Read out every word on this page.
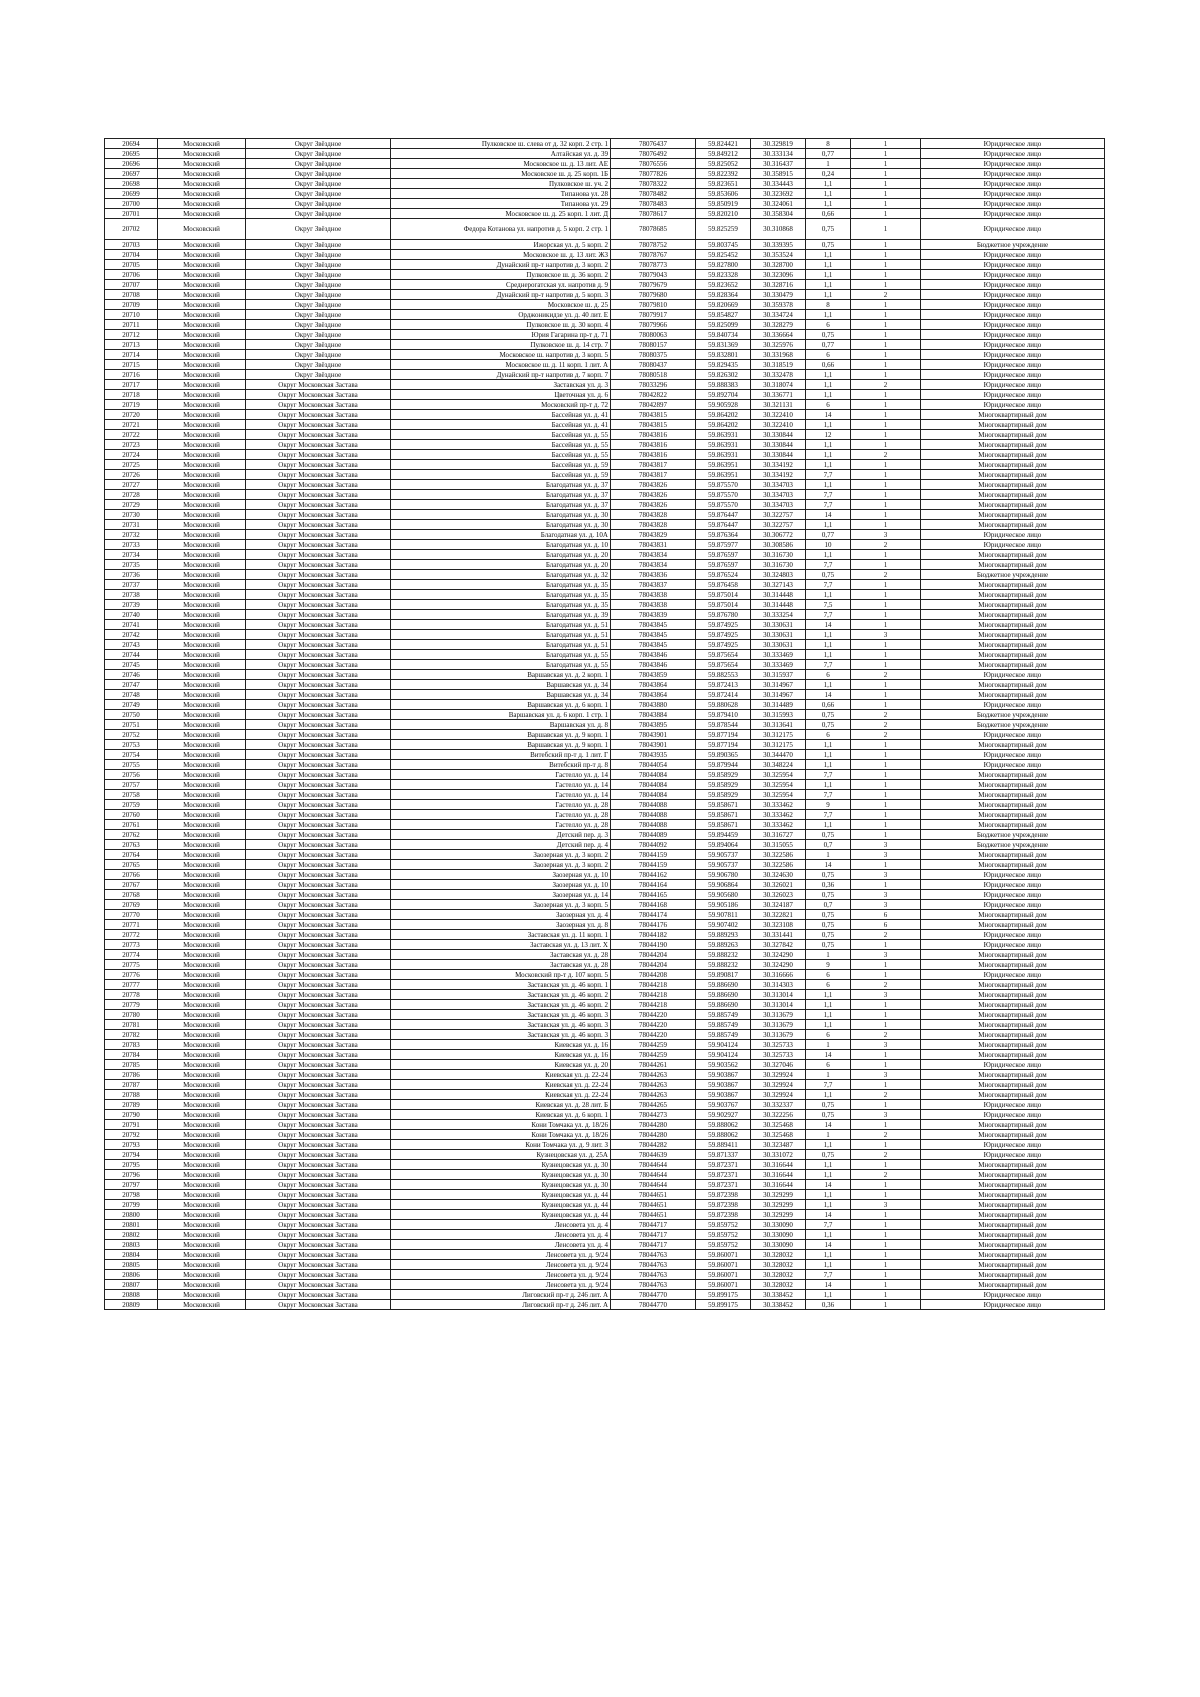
20694	Московский	Округ Звёздное	Пулковское ш. слева от д. 32 корп. 2 стр. 1	78076437	59.824421	30.329819	8	1	Юридическое лицо
20695	Московский	Округ Звёздное	Алтайская ул. д. 39	78076492	59.849212	30.333134	0,77	1	Юридическое лицо
20696	Московский	Округ Звёздное	Московское ш. д. 13 лит. АЕ	78076556	59.825052	30.316437	1	1	Юридическое лицо
20697	Московский	Округ Звёздное	Московское ш. д. 25 корп. 1Б	78077826	59.822392	30.358915	0,24	1	Юридическое лицо
20698	Московский	Округ Звёздное	Пулковское ш. уч. 2	78078322	59.823651	30.334443	1,1	1	Юридическое лицо
20699	Московский	Округ Звёздное	Типанова ул. 28	78078482	59.853606	30.323692	1,1	1	Юридическое лицо
20700	Московский	Округ Звёздное	Типанова ул. 29	78078483	59.850919	30.324061	1,1	1	Юридическое лицо
20701	Московский	Округ Звёздное	Московское ш. д. 25 корп. 1 лит. Д	78078617	59.820210	30.358304	0,66	1	Юридическое лицо
20702	Московский	Округ Звёздное	Федора Котанова ул. напротив д. 5 корп. 2 стр. 1	78078685	59.825259	30.310868	0,75	1	Юридическое лицо
20703	Московский	Округ Звёздное	Ижорская ул. д. 5 корп. 2	78078752	59.803745	30.339395	0,75	1	Бюджетное учреждение
20704	Московский	Округ Звёздное	Московское ш. д. 13 лит. ЖЗ	78078767	59.825452	30.353524	1,1	1	Юридическое лицо
20705	Московский	Округ Звёздное	Дунайский пр-т напротив д. 3 корп. 2	78078773	59.827800	30.328700	1,1	1	Юридическое лицо
20706	Московский	Округ Звёздное	Пулковское ш. д. 36 корп. 2	78079043	59.823328	30.323096	1,1	1	Юридическое лицо
20707	Московский	Округ Звёздное	Среднерогатская ул. напротив д. 9	78079679	59.823652	30.328716	1,1	1	Юридическое лицо
20708	Московский	Округ Звёздное	Дунайский пр-т напротив д. 5 корп. 3	78079680	59.828364	30.330479	1,1	2	Юридическое лицо
20709	Московский	Округ Звёздное	Московское ш. д. 25	78079810	59.820669	30.359378	8	1	Юридическое лицо
20710	Московский	Округ Звёздное	Орджоникидзе ул. д. 40 лит. Е	78079917	59.854827	30.334724	1,1	1	Юридическое лицо
20711	Московский	Округ Звёздное	Пулковское ш. д. 30 корп. 4	78079966	59.825099	30.328279	6	1	Юридическое лицо
20712	Московский	Округ Звёздное	Юрия Гагарина пр-т д. 71	78080063	59.840734	30.336664	0,75	1	Юридическое лицо
20713	Московский	Округ Звёздное	Пулковское ш. д. 14 стр. 7	78080157	59.831369	30.325976	0,77	1	Юридическое лицо
20714	Московский	Округ Звёздное	Московское ш. напротив д. 3 корп. 5	78080375	59.832801	30.331968	6	1	Юридическое лицо
20715	Московский	Округ Звёздное	Московское ш. д. 11 корп. 1 лит. А	78080437	59.829435	30.318519	0,66	1	Юридическое лицо
20716	Московский	Округ Звёздное	Дунайский пр-т напротив д. 7 корп. 7	78080518	59.826302	30.332478	1,1	1	Юридическое лицо
20717	Московский	Округ Московская Застава	Заставская ул. д. 3	78033296	59.888383	30.318074	1,1	2	Юридическое лицо
20718	Московский	Округ Московская Застава	Цветочная ул. д. 6	78042822	59.892704	30.336771	1,1	1	Юридическое лицо
20719	Московский	Округ Московская Застава	Московский пр-т д. 72	78042897	59.905928	30.321131	6	1	Юридическое лицо
20720	Московский	Округ Московская Застава	Бассейная ул. д. 41	78043815	59.864202	30.322410	14	1	Многоквартирный дом
20721	Московский	Округ Московская Застава	Бассейная ул. д. 41	78043815	59.864202	30.322410	1,1	1	Многоквартирный дом
20722	Московский	Округ Московская Застава	Бассейная ул. д. 55	78043816	59.863931	30.330844	12	1	Многоквартирный дом
20723	Московский	Округ Московская Застава	Бассейная ул. д. 55	78043816	59.863931	30.330844	1,1	1	Многоквартирный дом
20724	Московский	Округ Московская Застава	Бассейная ул. д. 55	78043816	59.863931	30.330844	1,1	2	Многоквартирный дом
20725	Московский	Округ Московская Застава	Бассейная ул. д. 59	78043817	59.863951	30.334192	1,1	1	Многоквартирный дом
20726	Московский	Округ Московская Застава	Бассейная ул. д. 59	78043817	59.863951	30.334192	7,7	1	Многоквартирный дом
20727	Московский	Округ Московская Застава	Благодатная ул. д. 37	78043826	59.875570	30.334703	1,1	1	Многоквартирный дом
20728	Московский	Округ Московская Застава	Благодатная ул. д. 37	78043826	59.875570	30.334703	7,7	1	Многоквартирный дом
20729	Московский	Округ Московская Застава	Благодатная ул. д. 37	78043826	59.875570	30.334703	7,7	1	Многоквартирный дом
20730	Московский	Округ Московская Застава	Благодатная ул. д. 30	78043828	59.876447	30.322757	14	1	Многоквартирный дом
20731	Московский	Округ Московская Застава	Благодатная ул. д. 30	78043828	59.876447	30.322757	1,1	1	Многоквартирный дом
20732	Московский	Округ Московская Застава	Благодатная ул. д. 10А	78043829	59.876364	30.306772	0,77	3	Юридическое лицо
20733	Московский	Округ Московская Застава	Благодатная ул. д. 10	78043831	59.875977	30.308586	10	2	Юридическое лицо
20734	Московский	Округ Московская Застава	Благодатная ул. д. 20	78043834	59.876597	30.316730	1,1	1	Многоквартирный дом
20735	Московский	Округ Московская Застава	Благодатная ул. д. 20	78043834	59.876597	30.316730	7,7	1	Многоквартирный дом
20736	Московский	Округ Московская Застава	Благодатная ул. д. 32	78043836	59.876524	30.324803	0,75	2	Бюджетное учреждение
20737	Московский	Округ Московская Застава	Благодатная ул. д. 35	78043837	59.876458	30.327143	7,7	1	Многоквартирный дом
20738	Московский	Округ Московская Застава	Благодатная ул. д. 35	78043838	59.875014	30.314448	1,1	1	Многоквартирный дом
20739	Московский	Округ Московская Застава	Благодатная ул. д. 35	78043838	59.875014	30.314448	7,5	1	Многоквартирный дом
20740	Московский	Округ Московская Застава	Благодатная ул. д. 39	78043839	59.876780	30.333254	7,7	1	Многоквартирный дом
20741	Московский	Округ Московская Застава	Благодатная ул. д. 51	78043845	59.874925	30.330631	14	1	Многоквартирный дом
20742	Московский	Округ Московская Застава	Благодатная ул. д. 51	78043845	59.874925	30.330631	1,1	3	Многоквартирный дом
20743	Московский	Округ Московская Застава	Благодатная ул. д. 51	78043845	59.874925	30.330631	1,1	1	Многоквартирный дом
20744	Московский	Округ Московская Застава	Благодатная ул. д. 55	78043846	59.875654	30.333469	1,1	1	Многоквартирный дом
20745	Московский	Округ Московская Застава	Благодатная ул. д. 55	78043846	59.875654	30.333469	7,7	1	Многоквартирный дом
20746	Московский	Округ Московская Застава	Варшавская ул. д. 2 корп. 1	78043859	59.882553	30.315937	6	2	Юридическое лицо
20747	Московский	Округ Московская Застава	Варшавская ул. д. 34	78043864	59.872413	30.314967	1,1	1	Многоквартирный дом
20748	Московский	Округ Московская Застава	Варшавская ул. д. 34	78043864	59.872414	30.314967	14	1	Многоквартирный дом
20749	Московский	Округ Московская Застава	Варшавская ул. д. 6 корп. 1	78043880	59.880628	30.314489	0,66	1	Юридическое лицо
20750	Московский	Округ Московская Застава	Варшавская ул. д. 6 корп. 1 стр. 1	78043884	59.879410	30.315993	0,75	2	Бюджетное учреждение
20751	Московский	Округ Московская Застава	Варшавская ул. д. 8	78043895	59.878544	30.313641	0,75	2	Бюджетное учреждение
20752	Московский	Округ Московская Застава	Варшавская ул. д. 9 корп. 1	78043901	59.877194	30.312175	6	2	Юридическое лицо
20753	Московский	Округ Московская Застава	Варшавская ул. д. 9 корп. 1	78043901	59.877194	30.312175	1,1	1	Многоквартирный дом
20754	Московский	Округ Московская Застава	Витебский пр-т д. 1 лит. Г	78043935	59.890365	30.344470	1,1	1	Юридическое лицо
20755	Московский	Округ Московская Застава	Витебский пр-т д. 8	78044054	59.879944	30.348224	1,1	1	Юридическое лицо
20756	Московский	Округ Московская Застава	Гастелло ул. д. 14	78044084	59.858929	30.325954	7,7	1	Многоквартирный дом
20757	Московский	Округ Московская Застава	Гастелло ул. д. 14	78044084	59.858929	30.325954	1,1	1	Многоквартирный дом
20758	Московский	Округ Московская Застава	Гастелло ул. д. 14	78044084	59.858929	30.325954	7,7	1	Многоквартирный дом
20759	Московский	Округ Московская Застава	Гастелло ул. д. 28	78044088	59.858671	30.333462	9	1	Многоквартирный дом
20760	Московский	Округ Московская Застава	Гастелло ул. д. 28	78044088	59.858671	30.333462	7,7	1	Многоквартирный дом
20761	Московский	Округ Московская Застава	Гастелло ул. д. 28	78044088	59.858671	30.333462	1,1	1	Многоквартирный дом
20762	Московский	Округ Московская Застава	Детский пер. д. 3	78044089	59.894459	30.316727	0,75	1	Бюджетное учреждение
20763	Московский	Округ Московская Застава	Детский пер. д. 4	78044092	59.894064	30.315055	0,7	3	Бюджетное учреждение
20764	Московский	Округ Московская Застава	Заозерная ул. д. 3 корп. 2	78044159	59.905737	30.322586	1	3	Многоквартирный дом
20765	Московский	Округ Московская Застава	Заозерная ул. д. 3 корп. 2	78044159	59.905737	30.322586	14	1	Многоквартирный дом
20766	Московский	Округ Московская Застава	Заозерная ул. д. 10	78044162	59.906780	30.324630	0,75	3	Юридическое лицо
20767	Московский	Округ Московская Застава	Заозерная ул. д. 10	78044164	59.906864	30.326021	0,36	1	Юридическое лицо
20768	Московский	Округ Московская Застава	Заозерная ул. д. 14	78044165	59.905680	30.326023	0,75	3	Юридическое лицо
20769	Московский	Округ Московская Застава	Заозерная ул. д. 3 корп. 5	78044168	59.905186	30.324187	0,7	3	Юридическое лицо
20770	Московский	Округ Московская Застава	Заозерная ул. д. 4	78044174	59.907811	30.322821	0,75	6	Многоквартирный дом
20771	Московский	Округ Московская Застава	Заозерная ул. д. 8	78044176	59.907402	30.323108	0,75	6	Многоквартирный дом
20772	Московский	Округ Московская Застава	Заставская ул. д. 11 корп. 1	78044182	59.889293	30.331441	0,75	2	Юридическое лицо
20773	Московский	Округ Московская Застава	Заставская ул. д. 13 лит. Х	78044190	59.889263	30.327842	0,75	1	Юридическое лицо
20774	Московский	Округ Московская Застава	Заставская ул. д. 28	78044204	59.888232	30.324290	1	3	Многоквартирный дом
20775	Московский	Округ Московская Застава	Заставская ул. д. 28	78044204	59.888232	30.324290	9	1	Многоквартирный дом
20776	Московский	Округ Московская Застава	Московский пр-т д. 107 корп. 5	78044208	59.890817	30.316666	6	1	Юридическое лицо
20777	Московский	Округ Московская Застава	Заставская ул. д. 46 корп. 1	78044218	59.886690	30.314303	6	2	Многоквартирный дом
20778	Московский	Округ Московская Застава	Заставская ул. д. 46 корп. 2	78044218	59.886690	30.313014	1,1	3	Многоквартирный дом
20779	Московский	Округ Московская Застава	Заставская ул. д. 46 корп. 2	78044218	59.886690	30.313014	1,1	1	Многоквартирный дом
20780	Московский	Округ Московская Застава	Заставская ул. д. 46 корп. 3	78044220	59.885749	30.313679	1,1	1	Многоквартирный дом
20781	Московский	Округ Московская Застава	Заставская ул. д. 46 корп. 3	78044220	59.885749	30.313679	1,1	1	Многоквартирный дом
20782	Московский	Округ Московская Застава	Заставская ул. д. 46 корп. 3	78044220	59.885749	30.313679	6	2	Многоквартирный дом
20783	Московский	Округ Московская Застава	Киевская ул. д. 16	78044259	59.904124	30.325733	1	3	Многоквартирный дом
20784	Московский	Округ Московская Застава	Киевская ул. д. 16	78044259	59.904124	30.325733	14	1	Многоквартирный дом
20785	Московский	Округ Московская Застава	Киевская ул. д. 20	78044261	59.903562	30.327046	6	1	Юридическое лицо
20786	Московский	Округ Московская Застава	Киевская ул. д. 22-24	78044263	59.903867	30.329924	1	3	Многоквартирный дом
20787	Московский	Округ Московская Застава	Киевская ул. д. 22-24	78044263	59.903867	30.329924	7,7	1	Многоквартирный дом
20788	Московский	Округ Московская Застава	Киевская ул. д. 22-24	78044263	59.903867	30.329924	1,1	2	Многоквартирный дом
20789	Московский	Округ Московская Застава	Киевская ул. д. 28 лит. Б	78044265	59.903767	30.332337	0,75	1	Юридическое лицо
20790	Московский	Округ Московская Застава	Киевская ул. д. 6 корп. 1	78044273	59.902927	30.322256	0,75	3	Юридическое лицо
20791	Московский	Округ Московская Застава	Кони Томчака ул. д. 18/26	78044280	59.888062	30.325468	14	1	Многоквартирный дом
20792	Московский	Округ Московская Застава	Кони Томчака ул. д. 18/26	78044280	59.888062	30.325468	1	2	Многоквартирный дом
20793	Московский	Округ Московская Застава	Кони Томчака ул. д. 9 лит. З	78044282	59.889411	30.323487	1,1	1	Юридическое лицо
20794	Московский	Округ Московская Застава	Кузнецовская ул. д. 25А	78044639	59.871337	30.331072	0,75	2	Юридическое лицо
20795	Московский	Округ Московская Застава	Кузнецовская ул. д. 30	78044644	59.872371	30.316644	1,1	1	Многоквартирный дом
20796	Московский	Округ Московская Застава	Кузнецовская ул. д. 30	78044644	59.872371	30.316644	1,1	2	Многоквартирный дом
20797	Московский	Округ Московская Застава	Кузнецовская ул. д. 30	78044644	59.872371	30.316644	14	1	Многоквартирный дом
20798	Московский	Округ Московская Застава	Кузнецовская ул. д. 44	78044651	59.872398	30.329299	1,1	1	Многоквартирный дом
20799	Московский	Округ Московская Застава	Кузнецовская ул. д. 44	78044651	59.872398	30.329299	1,1	3	Многоквартирный дом
20800	Московский	Округ Московская Застава	Кузнецовская ул. д. 44	78044651	59.872398	30.329299	14	1	Многоквартирный дом
20801	Московский	Округ Московская Застава	Ленсовета ул. д. 4	78044717	59.859752	30.330090	7,7	1	Многоквартирный дом
20802	Московский	Округ Московская Застава	Ленсовета ул. д. 4	78044717	59.859752	30.330090	1,1	1	Многоквартирный дом
20803	Московский	Округ Московская Застава	Ленсовета ул. д. 4	78044717	59.859752	30.330090	14	1	Многоквартирный дом
20804	Московский	Округ Московская Застава	Ленсовета ул. д. 9/24	78044763	59.860071	30.328032	1,1	1	Многоквартирный дом
20805	Московский	Округ Московская Застава	Ленсовета ул. д. 9/24	78044763	59.860071	30.328032	1,1	1	Многоквартирный дом
20806	Московский	Округ Московская Застава	Ленсовета ул. д. 9/24	78044763	59.860071	30.328032	7,7	1	Многоквартирный дом
20807	Московский	Округ Московская Застава	Ленсовета ул. д. 9/24	78044763	59.860071	30.328032	14	1	Многоквартирный дом
20808	Московский	Округ Московская Застава	Лиговский пр-т д. 246 лит. А	78044770	59.899175	30.338452	1,1	1	Юридическое лицо
20809	Московский	Округ Московская Застава	Лиговский пр-т д. 246 лит. А	78044770	59.899175	30.338452	0,36	1	Юридическое лицо
